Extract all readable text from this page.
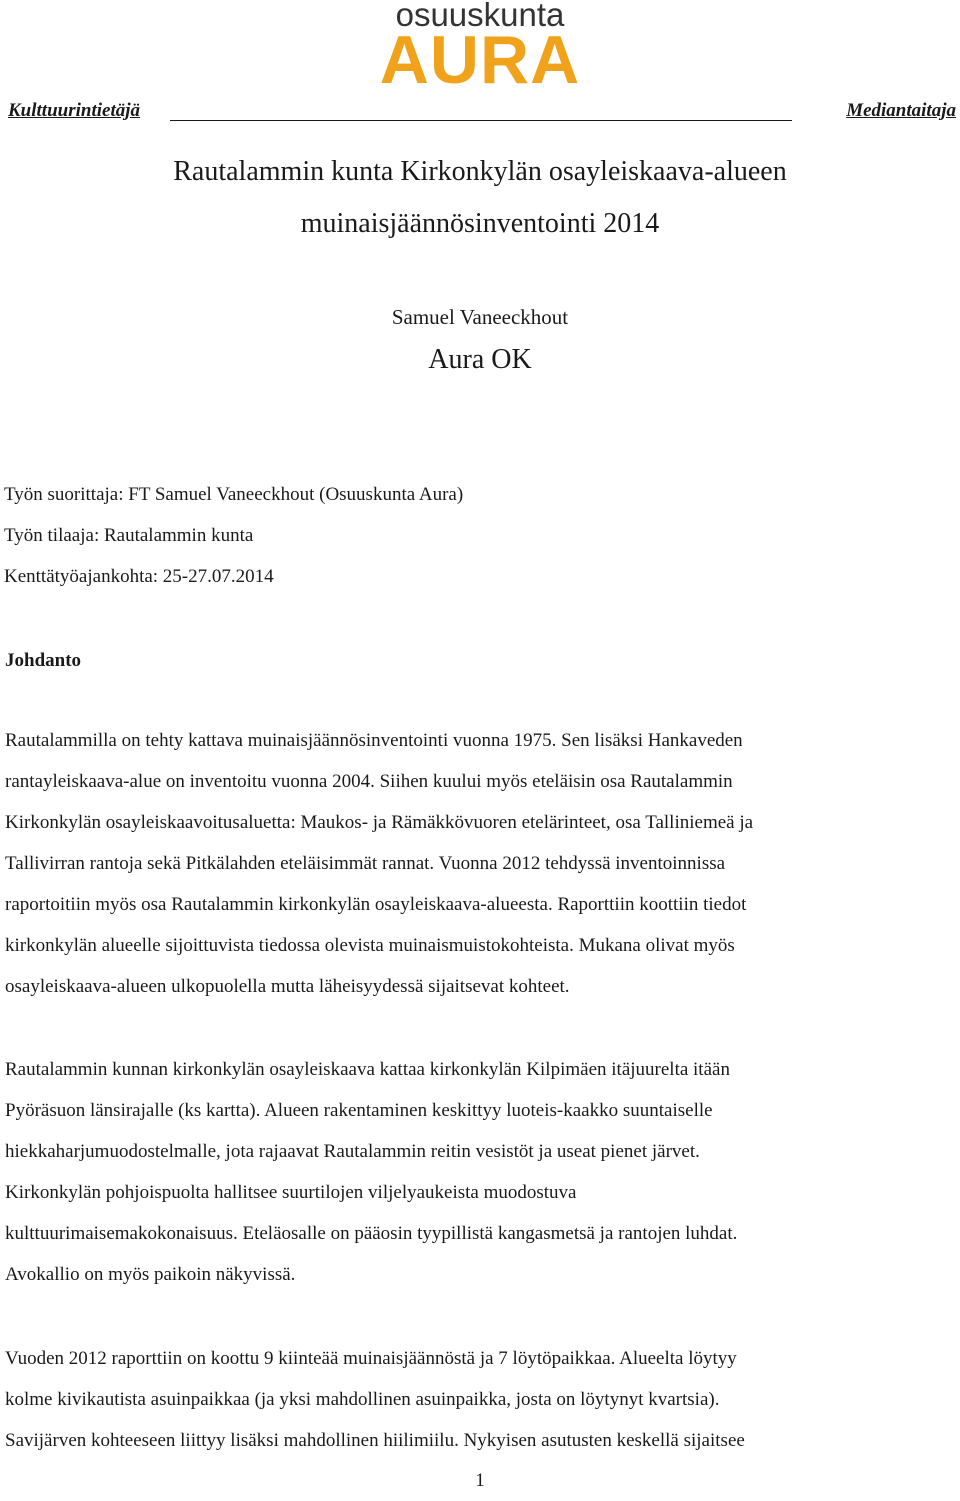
osuuskunta
AURA
Kulttuurintietäjä	Mediantaitaja
Rautalammin kunta Kirkonkylän osayleiskaava-alueen
muinaisjäännösinventointi 2014
Samuel Vaneeckhout
Aura OK
Työn suorittaja: FT Samuel Vaneeckhout (Osuuskunta Aura)
Työn tilaaja: Rautalammin kunta
Kenttätyöajankohta: 25-27.07.2014
Johdanto
Rautalammilla on tehty kattava muinaisjäännösinventointi vuonna 1975. Sen lisäksi Hankaveden
rantayleiskaava-alue on inventoitu vuonna 2004. Siihen kuului myös eteläisin osa Rautalammin
Kirkonkylän osayleiskaavoitusaluetta: Maukos- ja Rämäkkövuoren etelärinteet, osa Talliniemeä ja
Tallivirran rantoja sekä Pitkälahden eteläisimmät rannat. Vuonna 2012 tehdyssä inventoinnissa
raportoitiin myös osa Rautalammin kirkonkylän osayleiskaava-alueesta. Raporttiin koottiin tiedot
kirkonkylän alueelle sijoittuvista tiedossa olevista muinaismuistokohteista. Mukana olivat myös
osayleiskaava-alueen ulkopuolella mutta läheisyydessä sijaitsevat kohteet.
Rautalammin kunnan kirkonkylän osayleiskaava kattaa kirkonkylän Kilpimäen itäjuurelta itään
Pyöräsuon länsirajalle (ks kartta). Alueen rakentaminen keskittyy luoteis-kaakko suuntaiselle
hiekkaharjumuodostelmalle, jota rajaavat Rautalammin reitin vesistöt ja useat pienet järvet.
Kirkonkylän pohjoispuolta hallitsee suurtilojen viljelyaukeista muodostuva
kulttuurimaisemakokonaisuus. Eteläosalle on pääosin tyypillistä kangasmetsä ja rantojen luhdat.
Avokallio on myös paikoin näkyvissä.
Vuoden 2012 raporttiin on koottu 9 kiinteää muinaisjäännöstä ja 7 löytöpaikkaa. Alueelta löytyy
kolme kivikautista asuinpaikkaa (ja yksi mahdollinen asuinpaikka, josta on löytynyt kvartsia).
Savijärven kohteeseen liittyy lisäksi mahdollinen hiilimiilu. Nykyisen asutusten keskellä sijaitsee
1
